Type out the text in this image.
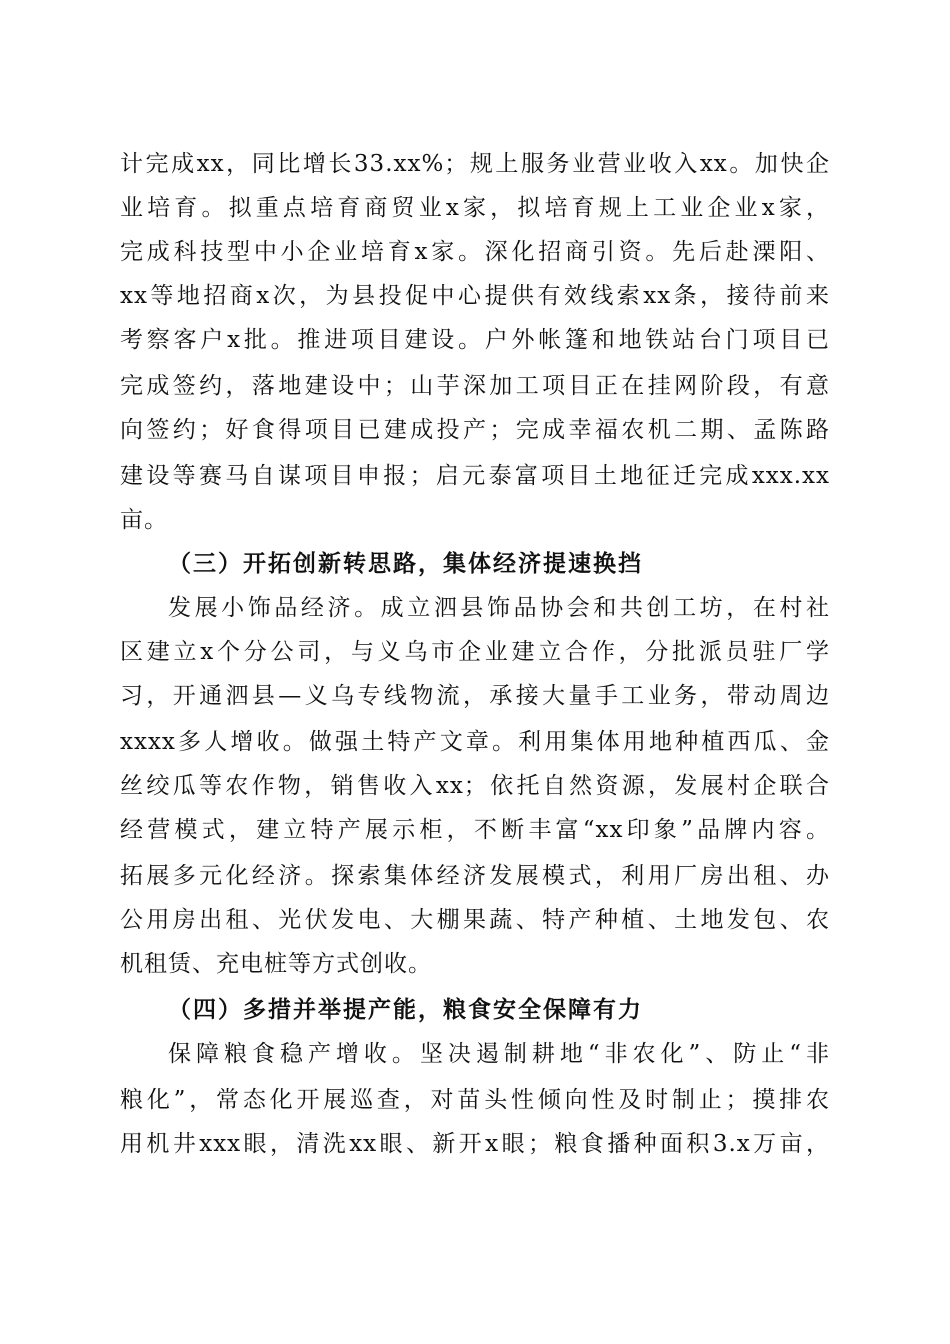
计完成xx，同比增长33.xx%；规上服务业营业收入xx。加快企
业培育。拟重点培育商贸业x家，拟培育规上工业企业x家，
完成科技型中小企业培育x家。深化招商引资。先后赴溧阳、
xx等地招商x次，为县投促中心提供有效线索xx条，接待前来
考察客户x批。推进项目建设。户外帐篷和地铁站台门项目已
完成签约，落地建设中；山芋深加工项目正在挂网阶段，有意
向签约；好食得项目已建成投产；完成幸福农机二期、孟陈路
建设等赛马自谋项目申报；启元泰富项目土地征迁完成xxx.xx
亩。
（三）开拓创新转思路，集体经济提速换挡
发展小饰品经济。成立泗县饰品协会和共创工坊，在村社
区建立x个分公司，与义乌市企业建立合作，分批派员驻厂学
习，开通泗县—义乌专线物流，承接大量手工业务，带动周边
xxxx多人增收。做强土特产文章。利用集体用地种植西瓜、金
丝绞瓜等农作物，销售收入xx；依托自然资源，发展村企联合
经营模式，建立特产展示柜，不断丰富“xx印象”品牌内容。
拓展多元化经济。探索集体经济发展模式，利用厂房出租、办
公用房出租、光伏发电、大棚果蔬、特产种植、土地发包、农
机租赁、充电桩等方式创收。
（四）多措并举提产能，粮食安全保障有力
保障粮食稳产增收。坚决遏制耕地“非农化”、防止“非
粮化”，常态化开展巡查，对苗头性倾向性及时制止；摸排农
用机井xxx眼，清洗xx眼、新开x眼；粮食播种面积3.x万亩，
